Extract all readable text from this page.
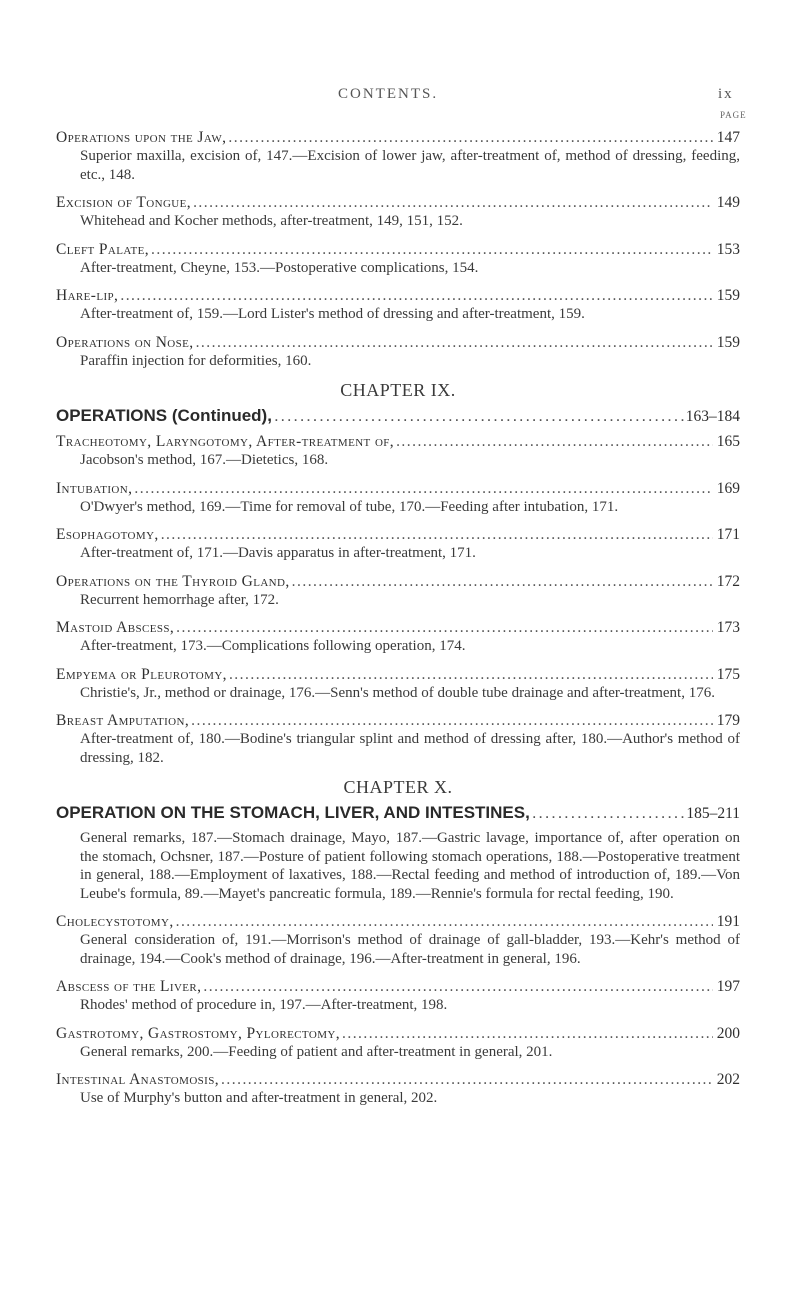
CONTENTS.	ix
PAGE
Operations upon the Jaw, . . .	147

Superior maxilla, excision of, 147.—Excision of lower jaw, after-treatment of, method of dressing, feeding, etc., 148.

Excision of Tongue, . . .	149

Whitehead and Kocher methods, after-treatment, 149, 151, 152.

Cleft Palate, . . .	153

After-treatment, Cheyne, 153.—Postoperative complications, 154.

Hare-lip, . . .	159

After-treatment of, 159.—Lord Lister's method of dressing and after-treatment, 159.

Operations on Nose, . . .	159

Paraffin injection for deformities, 160.

CHAPTER IX.
OPERATIONS (Continued), . . .	163–184
Tracheotomy, Laryngotomy, After-treatment of, . . .	165

Jacobson's method, 167.—Dietetics, 168.

Intubation, . . .	169

O'Dwyer's method, 169.—Time for removal of tube, 170.—Feeding after intubation, 171.

Esophagotomy, . . .	171

After-treatment of, 171.—Davis apparatus in after-treatment, 171.

Operations on the Thyroid Gland, . . .	172

Recurrent hemorrhage after, 172.

Mastoid Abscess, . . .	173

After-treatment, 173.—Complications following operation, 174.

Empyema or Pleurotomy, . . .	175

Christie's, Jr., method or drainage, 176.—Senn's method of double tube drainage and after-treatment, 176.

Breast Amputation, . . .	179

After-treatment of, 180.—Bodine's triangular splint and method of dressing after, 180.—Author's method of dressing, 182.

CHAPTER X.
OPERATION ON THE STOMACH, LIVER, AND INTESTINES, . . .	185–211

General remarks, 187.—Stomach drainage, Mayo, 187.—Gastric lavage, importance of, after operation on the stomach, Ochsner, 187.—Posture of patient following stomach operations, 188.—Postoperative treatment in general, 188.—Employment of laxatives, 188.—Rectal feeding and method of introduction of, 189.—Von Leube's formula, 89.—Mayet's pancreatic formula, 189.—Rennie's formula for rectal feeding, 190.

Cholecystotomy, . . .	191

General consideration of, 191.—Morrison's method of drainage of gall-bladder, 193.—Kehr's method of drainage, 194.—Cook's method of drainage, 196.—After-treatment in general, 196.

Abscess of the Liver, . . .	197

Rhodes' method of procedure in, 197.—After-treatment, 198.

Gastrotomy, Gastrostomy, Pylorectomy, . . .	200

General remarks, 200.—Feeding of patient and after-treatment in general, 201.

Intestinal Anastomosis, . . .	202

Use of Murphy's button and after-treatment in general, 202.
